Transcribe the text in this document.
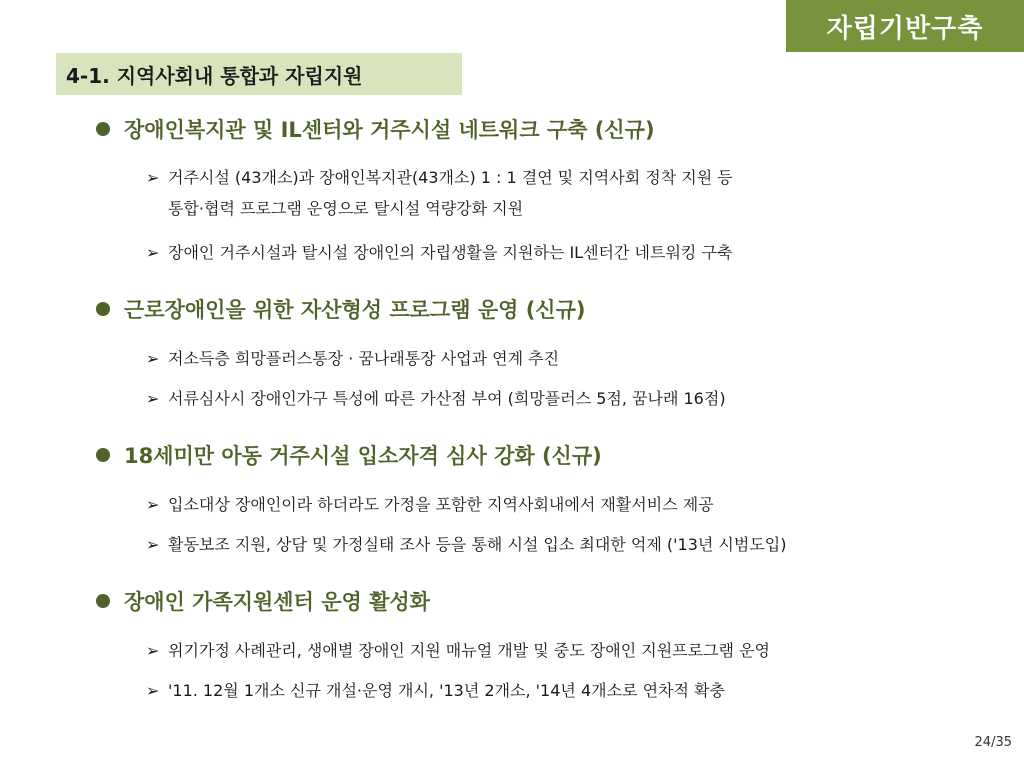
자립기반구축
4-1. 지역사회내 통합과 자립지원
장애인복지관 및 IL센터와 거주시설 네트워크 구축 (신규)
➢ 거주시설 (43개소)과 장애인복지관(43개소) 1 : 1 결연 및 지역사회 정착 지원 등
통합·협력 프로그램 운영으로 탈시설 역량강화 지원
➢ 장애인 거주시설과 탈시설 장애인의 자립생활을 지원하는 IL센터간 네트워킹 구축
근로장애인을 위한 자산형성 프로그램 운영 (신규)
➢ 저소득층 희망플러스통장 · 꿈나래통장 사업과 연계 추진
➢ 서류심사시 장애인가구 특성에 따른 가산점 부여 (희망플러스 5점, 꿈나래 16점)
18세미만 아동 거주시설 입소자격 심사 강화 (신규)
➢ 입소대상 장애인이라 하더라도 가정을 포함한 지역사회내에서 재활서비스 제공
➢ 활동보조 지원, 상담 및 가정실태 조사 등을 통해 시설 입소 최대한 억제 ('13년 시범도입)
장애인 가족지원센터 운영 활성화
➢ 위기가정 사례관리, 생애별 장애인 지원 매뉴얼 개발 및 중도 장애인 지원프로그램 운영
➢ '11. 12월 1개소 신규 개설·운영 개시, '13년 2개소, '14년 4개소로 연차적 확충
24/35
